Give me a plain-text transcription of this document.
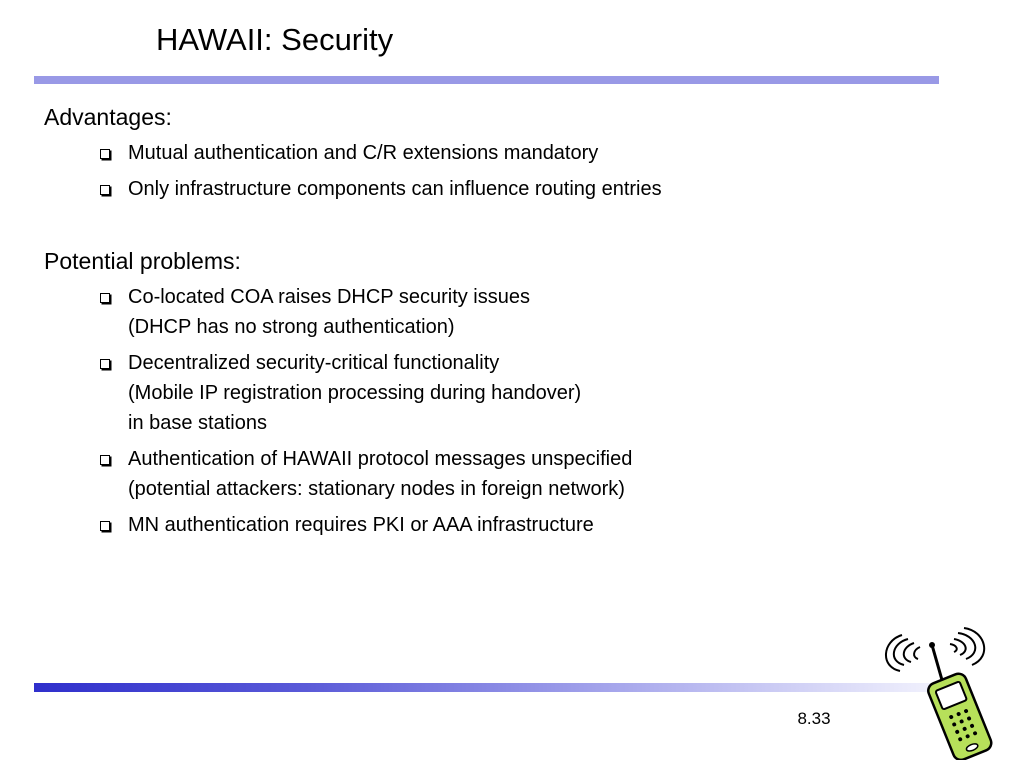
HAWAII: Security

Advantages:

Mutual authentication and C/R extensions mandatory
Only infrastructure components can influence routing entries

Potential problems:

Co-located COA raises DHCP security issues
(DHCP has no strong authentication)
Decentralized security-critical functionality
(Mobile IP registration processing during handover)
in base stations
Authentication of HAWAII protocol messages unspecified
(potential attackers: stationary nodes in foreign network)
MN authentication requires PKI or AAA infrastructure
8.33
